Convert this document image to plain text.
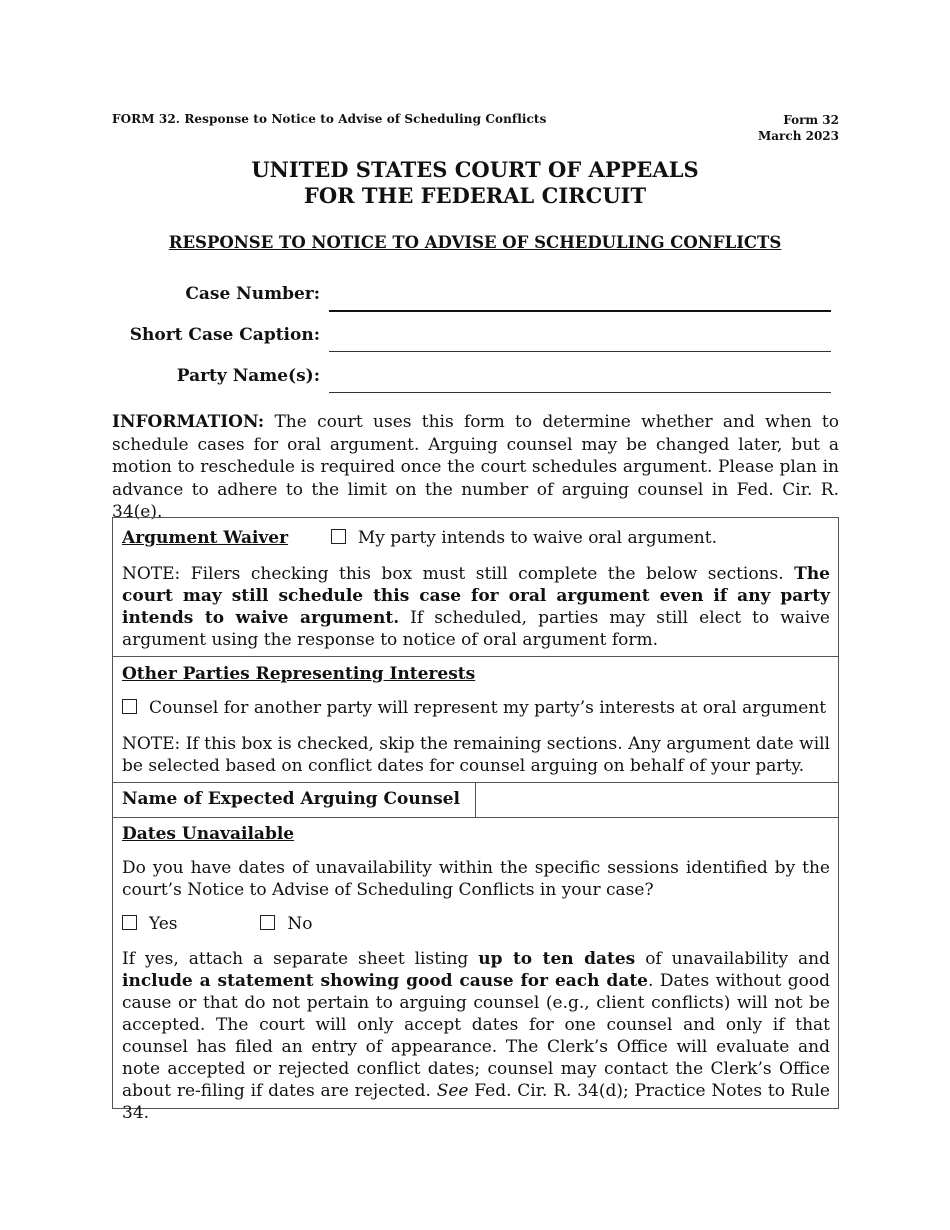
FORM 32. Response to Notice to Advise of Scheduling Conflicts	Form 32
March 2023
UNITED STATES COURT OF APPEALS
FOR THE FEDERAL CIRCUIT
RESPONSE TO NOTICE TO ADVISE OF SCHEDULING CONFLICTS
Case Number:
Short Case Caption:
Party Name(s):
INFORMATION: The court uses this form to determine whether and when to schedule cases for oral argument. Arguing counsel may be changed later, but a motion to reschedule is required once the court schedules argument. Please plan in advance to adhere to the limit on the number of arguing counsel in Fed. Cir. R. 34(e).
Argument Waiver	My party intends to waive oral argument.
NOTE: Filers checking this box must still complete the below sections. The court may still schedule this case for oral argument even if any party intends to waive argument. If scheduled, parties may still elect to waive argument using the response to notice of oral argument form.
Other Parties Representing Interests
Counsel for another party will represent my party’s interests at oral argument
NOTE: If this box is checked, skip the remaining sections. Any argument date will be selected based on conflict dates for counsel arguing on behalf of your party.
Name of Expected Arguing Counsel
Dates Unavailable
Do you have dates of unavailability within the specific sessions identified by the court’s Notice to Advise of Scheduling Conflicts in your case?
Yes	No
If yes, attach a separate sheet listing up to ten dates of unavailability and include a statement showing good cause for each date. Dates without good cause or that do not pertain to arguing counsel (e.g., client conflicts) will not be accepted. The court will only accept dates for one counsel and only if that counsel has filed an entry of appearance. The Clerk’s Office will evaluate and note accepted or rejected conflict dates; counsel may contact the Clerk’s Office about re-filing if dates are rejected. See Fed. Cir. R. 34(d); Practice Notes to Rule 34.
